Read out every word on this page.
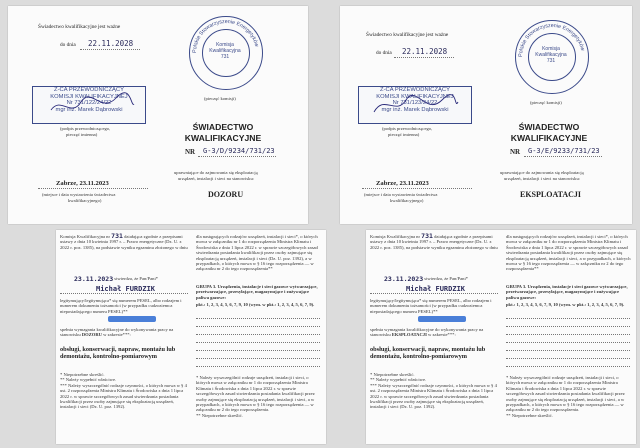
Świadectwo kwalifikacyjne jest ważne
do dnia 22.11.2028
Z-CA PRZEWODNICZĄCY
KOMISJI KWALIFIKACYJNEJ
Nr 731/122/24/22
mgr inż. Marek Dąbrowski
(podpis przewodniczącego,
pieczęć imienna)
Zabrze, 23.11.2023
(miejsce i data wystawienia świadectwa
kwalifikacyjnego)
Polskie Stowarzyszenie Energetyków
Komisja
Kwalifikacyjna
731
(pieczęć komisji)
ŚWIADECTWO
KWALIFIKACYJNE
NR G-3/D/9234/731/23
uprawniające do zajmowania się eksploatacją
urządzeń, instalacji i sieci na stanowisku:
DOZORU
Świadectwo kwalifikacyjne jest ważne
do dnia 22.11.2028
Z-CA PRZEWODNICZĄCY
KOMISJI KWALIFIKACYJNEJ
Nr 731/123/24/22
mgr inż. Marek Dąbrowski
(podpis przewodniczącego,
pieczęć imienna)
Zabrze, 23.11.2023
(miejsce i data wystawienia świadectwa
kwalifikacyjnego)
Polskie Stowarzyszenie Energetyków
Komisja
Kwalifikacyjna
731
(pieczęć komisji)
ŚWIADECTWO
KWALIFIKACYJNE
NR G-3/E/9233/731/23
uprawniające do zajmowania się eksploatacją
urządzeń, instalacji i sieci na stanowisku:
EKSPLOATACJI
Komisja Kwalifikacyjna nr 731 działająca zgodnie z przepisami ustawy z dnia 10 kwietnia 1997 r. – Prawo energetyczne (Dz. U. z 2022 r. poz. 1385), na podstawie wyniku egzaminu złożonego w dniu
23.11.2023
, stwierdza, że Pan/Pani*
Michał FURDZIK
legitymujący/legitymująca* się numerem PESEL, albo rodzajem i numerem dokumentu tożsamości (w przypadku cudzoziemca nieposiadającego numeru PESEL)**
spełnia wymagania kwalifikacyjne do wykonywania pracy na stanowisku DOZORU w zakresie***:
obsługi, konserwacji, napraw, montażu lub demontażu, kontrolno-pomiarowym
* Niepotrzebne skreślić.
** Należy wypełnić właściwe.
*** Należy wyszczególnić rodzaje czynności, o których mowa w § 4 ust. 2 rozporządzenia Ministra Klimatu i Środowiska z dnia 1 lipca 2022 r. w sprawie szczegółowych zasad stwierdzania posiadania kwalifikacji przez osoby zajmujące się eksploatacją urządzeń, instalacji i sieci (Dz. U. poz. 1392).
dla następujących rodzajów urządzeń, instalacji i sieci*, o których mowa w załączniku nr 1 do rozporządzenia Ministra Klimatu i Środowiska z dnia 1 lipca 2022 r. w sprawie szczegółowych zasad stwierdzania posiadania kwalifikacji przez osoby zajmujące się eksploatacją urządzeń, instalacji i sieci (Dz. U. poz. 1392), a w przypadkach, o których mowa w § 16 tego rozporządzenia — w załączniku nr 2 do tego rozporządzenia**
GRUPA 3. Urządzenia, instalacje i sieci gazowe wytwarzające, przetwarzające, przesyłające, magazynujące i zużywające paliwa gazowe:
pkt.: 1, 2, 3, 4, 5, 6, 7, 9, 10 (wym. w pkt.: 1, 2, 3, 4, 5, 6, 7, 9).
* Należy wyszczególnić rodzaje urządzeń, instalacji i sieci, o których mowa w załączniku nr 1 do rozporządzenia Ministra Klimatu i Środowiska z dnia 1 lipca 2022 r. w sprawie szczegółowych zasad stwierdzania posiadania kwalifikacji przez osoby zajmujące się eksploatacją urządzeń, instalacji i sieci, a w przypadkach, o których mowa w § 16 tego rozporządzenia — w załączniku nr 2 do tego rozporządzenia.
** Niepotrzebne skreślić.
Komisja Kwalifikacyjna nr 731 działająca zgodnie z przepisami ustawy z dnia 10 kwietnia 1997 r. – Prawo energetyczne (Dz. U. z 2022 r. poz. 1385), na podstawie wyniku egzaminu złożonego w dniu
23.11.2023
, stwierdza, że Pan/Pani*
Michał FURDZIK
legitymujący/legitymująca* się numerem PESEL, albo rodzajem i numerem dokumentu tożsamości (w przypadku cudzoziemca nieposiadającego numeru PESEL)**
spełnia wymagania kwalifikacyjne do wykonywania pracy na stanowisku EKSPLOATACJI w zakresie***:
obsługi, konserwacji, napraw, montażu lub demontażu, kontrolno-pomiarowym
* Niepotrzebne skreślić.
** Należy wypełnić właściwe.
*** Należy wyszczególnić rodzaje czynności, o których mowa w § 4 ust. 2 rozporządzenia Ministra Klimatu i Środowiska z dnia 1 lipca 2022 r. w sprawie szczegółowych zasad stwierdzania posiadania kwalifikacji przez osoby zajmujące się eksploatacją urządzeń, instalacji i sieci (Dz. U. poz. 1392).
dla następujących rodzajów urządzeń, instalacji i sieci*, o których mowa w załączniku nr 1 do rozporządzenia Ministra Klimatu i Środowiska z dnia 1 lipca 2022 r. w sprawie szczegółowych zasad stwierdzania posiadania kwalifikacji przez osoby zajmujące się eksploatacją urządzeń, instalacji i sieci, a w przypadkach, o których mowa w § 16 tego rozporządzenia — w załączniku nr 2 do tego rozporządzenia**
GRUPA 3. Urządzenia, instalacje i sieci gazowe wytwarzające, przetwarzające, przesyłające, magazynujące i zużywające paliwa gazowe:
pkt.: 1, 2, 3, 4, 5, 6, 7, 9, 10 (wym. w pkt.: 1, 2, 3, 4, 5, 6, 7, 9).
* Należy wyszczególnić rodzaje urządzeń, instalacji i sieci, o których mowa w załączniku nr 1 do rozporządzenia Ministra Klimatu i Środowiska z dnia 1 lipca 2022 r. w sprawie szczegółowych zasad stwierdzania posiadania kwalifikacji przez osoby zajmujące się eksploatacją urządzeń, instalacji i sieci, a w przypadkach, o których mowa w § 16 tego rozporządzenia — w załączniku nr 2 do tego rozporządzenia.
** Niepotrzebne skreślić.
